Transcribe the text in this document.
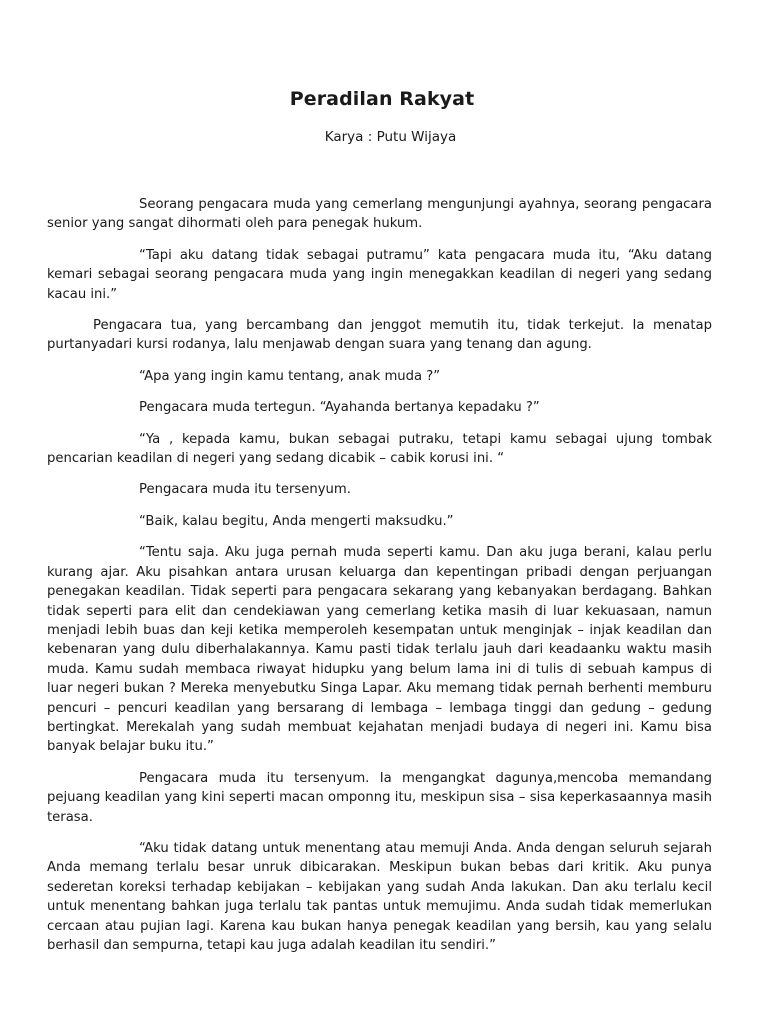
Peradilan Rakyat
Karya : Putu Wijaya

Seorang pengacara muda yang cemerlang mengunjungi ayahnya, seorang pengacara senior yang sangat dihormati oleh para penegak hukum.

“Tapi aku datang tidak sebagai putramu” kata pengacara muda itu, “Aku datang kemari sebagai seorang pengacara muda yang ingin menegakkan keadilan di negeri yang sedang kacau ini.”

Pengacara tua, yang bercambang dan jenggot memutih itu, tidak terkejut. Ia menatap purtanyadari kursi rodanya, lalu menjawab dengan suara yang tenang dan agung.

“Apa yang ingin kamu tentang, anak muda ?”

Pengacara muda tertegun. “Ayahanda bertanya kepadaku ?”

“Ya , kepada kamu, bukan sebagai putraku, tetapi kamu sebagai ujung tombak pencarian keadilan di negeri yang sedang dicabik – cabik korusi ini. “

Pengacara muda itu tersenyum.

“Baik, kalau begitu, Anda mengerti maksudku.”

“Tentu saja. Aku juga pernah muda seperti kamu. Dan aku juga berani, kalau perlu kurang ajar. Aku pisahkan antara urusan keluarga dan kepentingan pribadi dengan perjuangan penegakan keadilan. Tidak seperti para pengacara sekarang yang kebanyakan berdagang. Bahkan tidak seperti para elit dan cendekiawan yang cemerlang ketika masih di luar kekuasaan, namun menjadi lebih buas dan keji ketika memperoleh kesempatan untuk menginjak – injak keadilan dan kebenaran yang dulu diberhalakannya. Kamu pasti tidak terlalu jauh dari keadaanku waktu masih muda. Kamu sudah membaca riwayat hidupku yang belum lama ini di tulis di sebuah kampus di luar negeri bukan ? Mereka menyebutku Singa Lapar. Aku memang tidak pernah berhenti memburu pencuri – pencuri keadilan yang bersarang di lembaga – lembaga tinggi dan gedung – gedung bertingkat. Merekalah yang sudah membuat kejahatan menjadi budaya di negeri ini. Kamu bisa banyak belajar buku itu.”

Pengacara muda itu tersenyum. Ia mengangkat dagunya,mencoba memandang pejuang keadilan yang kini seperti macan omponng itu, meskipun sisa – sisa keperkasaannya masih terasa.

“Aku tidak datang untuk menentang atau memuji Anda. Anda dengan seluruh sejarah Anda memang terlalu besar unruk dibicarakan. Meskipun bukan bebas dari kritik. Aku punya sederetan koreksi terhadap kebijakan – kebijakan yang sudah Anda lakukan. Dan aku terlalu kecil untuk menentang bahkan juga terlalu tak pantas untuk memujimu. Anda sudah tidak memerlukan cercaan atau pujian lagi. Karena kau bukan hanya penegak keadilan yang bersih, kau yang selalu berhasil dan sempurna, tetapi kau juga adalah keadilan itu sendiri.”
